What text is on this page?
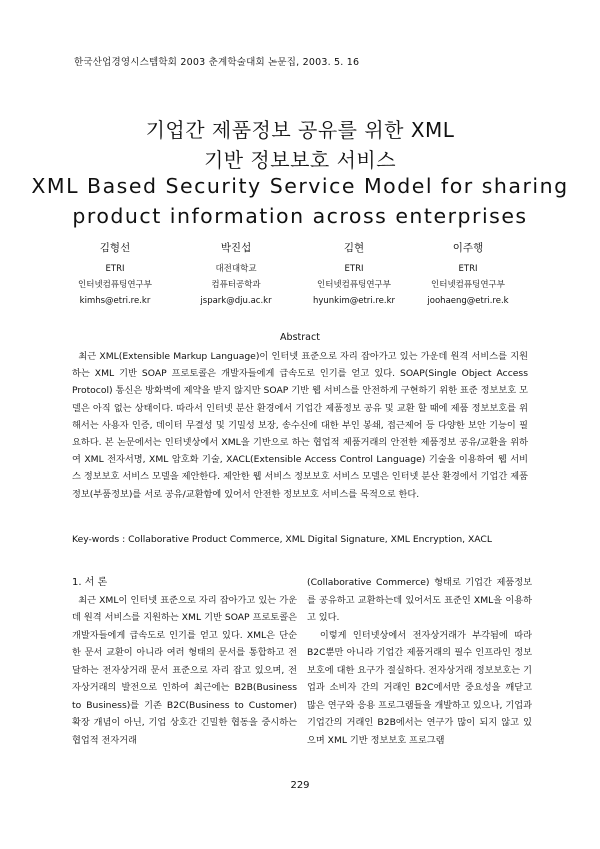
한국산업경영시스템학회 2003 춘계학술대회 논문집, 2003. 5. 16
기업간 제품정보 공유를 위한 XML
기반 정보보호 서비스
XML Based Security Service Model for sharing
product information across enterprises
김형선
ETRI
인터넷컴퓨팅연구부
kimhs@etri.re.kr
박진섭
대전대학교
컴퓨터공학과
jspark@dju.ac.kr
김현
ETRI
인터넷컴퓨팅연구부
hyunkim@etri.re.kr
이주행
ETRI
인터넷컴퓨팅연구부
joohaeng@etri.re.k
Abstract

최근 XML(Extensible Markup Language)이 인터넷 표준으로 자리 잡아가고 있는 가운데 원격 서비스를 지원하는 XML 기반 SOAP 프로토콜은 개발자들에게 급속도로 인기를 얻고 있다. SOAP(Single Object Access Protocol) 통신은 방화벽에 제약을 받지 않지만 SOAP 기반 웹 서비스를 안전하게 구현하기 위한 표준 정보보호 모델은 아직 없는 상태이다. 따라서 인터넷 분산 환경에서 기업간 제품정보 공유 및 교환 할 때에 제품 정보보호를 위해서는 사용자 인증, 데이터 무결성 및 기밀성 보장, 송수신에 대한 부인 봉쇄, 접근제어 등 다양한 보안 기능이 필요하다. 본 논문에서는 인터넷상에서 XML을 기반으로 하는 협업적 제품거래의 안전한 제품정보 공유/교환을 위하여 XML 전자서명, XML 암호화 기술, XACL(Extensible Access Control Language) 기술을 이용하여 웹 서비스 정보보호 서비스 모델을 제안한다. 제안한 웹 서비스 정보보호 서비스 모델은 인터넷 분산 환경에서 기업간 제품정보(부품정보)를 서로 공유/교환함에 있어서 안전한 정보보호 서비스를 목적으로 한다.

Key-words : Collaborative Product Commerce, XML Digital Signature, XML Encryption, XACL
1. 서 론

최근 XML이 인터넷 표준으로 자리 잡아가고 있는 가운데 원격 서비스를 지원하는 XML 기반 SOAP 프로토콜은 개발자들에게 급속도로 인기를 얻고 있다. XML은 단순한 문서 교환이 아니라 여러 형태의 문서를 통합하고 전달하는 전자상거래 문서 표준으로 자리 잡고 있으며, 전자상거래의 발전으로 인하여 최근에는 B2B(Business to Business)를 기존 B2C(Business to Customer) 확장 개념이 아닌, 기업 상호간 긴밀한 협동을 중시하는 협업적 전자거래

(Collaborative Commerce) 형태로 기업간 제품정보를 공유하고 교환하는데 있어서도 표준인 XML을 이용하고 있다.

이렇게 인터넷상에서 전자상거래가 부각됨에 따라 B2C뿐만 아니라 기업간 제품거래의 필수 인프라인 정보보호에 대한 요구가 절실하다. 전자상거래 정보보호는 기업과 소비자 간의 거래인 B2C에서만 중요성을 깨닫고 많은 연구와 응용 프로그램들을 개발하고 있으나, 기업과 기업간의 거래인 B2B에서는 연구가 많이 되지 않고 있으며 XML 기반 정보보호 프로그램

229
